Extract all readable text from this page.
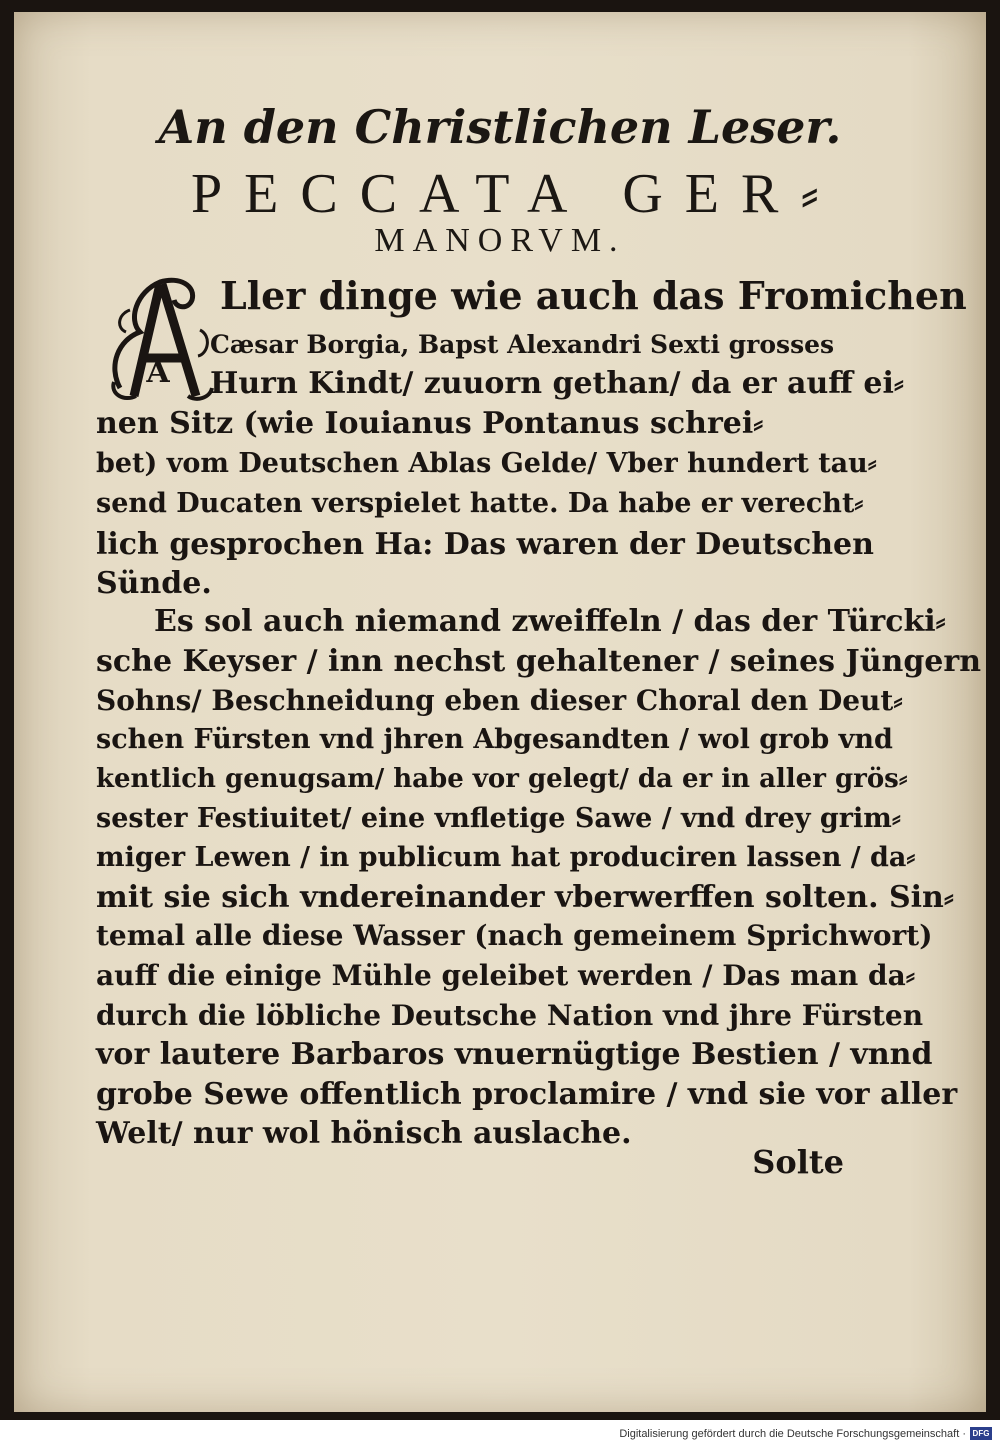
An den Christlichen Leser.
PECCATA GER⸗
MANORVM.
A
Ller dinge wie auch das Fromichen
Cæsar Borgia, Bapst Alexandri Sexti grosses
Hurn Kindt/ zuuorn gethan/ da er auff ei⸗
nen Sitz (wie Iouianus Pontanus schrei⸗
bet) vom Deutschen Ablas Gelde/ Vber hundert tau⸗
send Ducaten verspielet hatte. Da habe er verecht⸗
lich gesprochen Ha: Das waren der Deutschen
Sünde.
Es sol auch niemand zweiffeln / das der Türcki⸗
sche Keyser / inn nechst gehaltener / seines Jüngern
Sohns/ Beschneidung eben dieser Choral den Deut⸗
schen Fürsten vnd jhren Abgesandten / wol grob vnd
kentlich genugsam/ habe vor gelegt/ da er in aller grös⸗
sester Festiuitet/ eine vnfletige Sawe / vnd drey grim⸗
miger Lewen / in publicum hat produciren lassen / da⸗
mit sie sich vndereinander vberwerffen solten. Sin⸗
temal alle diese Wasser (nach gemeinem Sprichwort)
auff die einige Mühle geleibet werden / Das man da⸗
durch die löbliche Deutsche Nation vnd jhre Fürsten
vor lautere Barbaros vnuernügtige Bestien / vnnd
grobe Sewe offentlich proclamire / vnd sie vor aller
Welt/ nur wol hönisch auslache.
Solte
Digitalisierung gefördert durch die Deutsche Forschungsgemeinschaft · DFG
